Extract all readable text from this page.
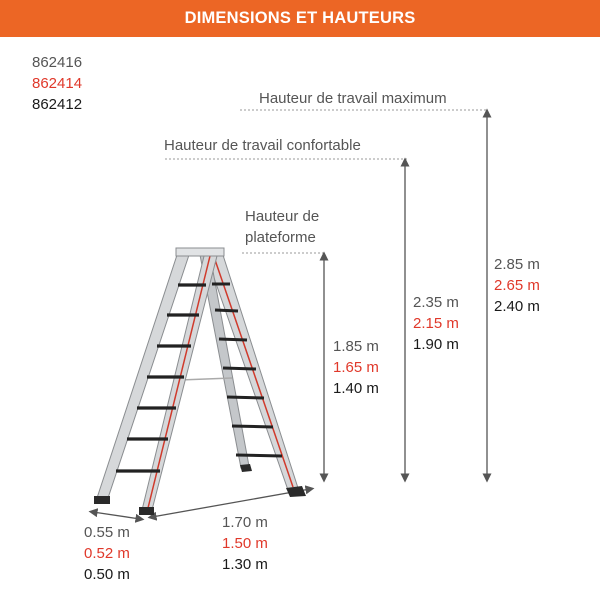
DIMENSIONS ET HAUTEURS
862416
862414
862412	Hauteur de travail maximum
Hauteur de travail confortable
Hauteur de
plateforme
1.85 m
1.65 m
1.40 m
2.35 m
2.15 m
1.90 m
2.85 m
2.65 m
2.40 m
0.55 m
0.52 m
0.50 m
1.70 m
1.50 m
1.30 m
